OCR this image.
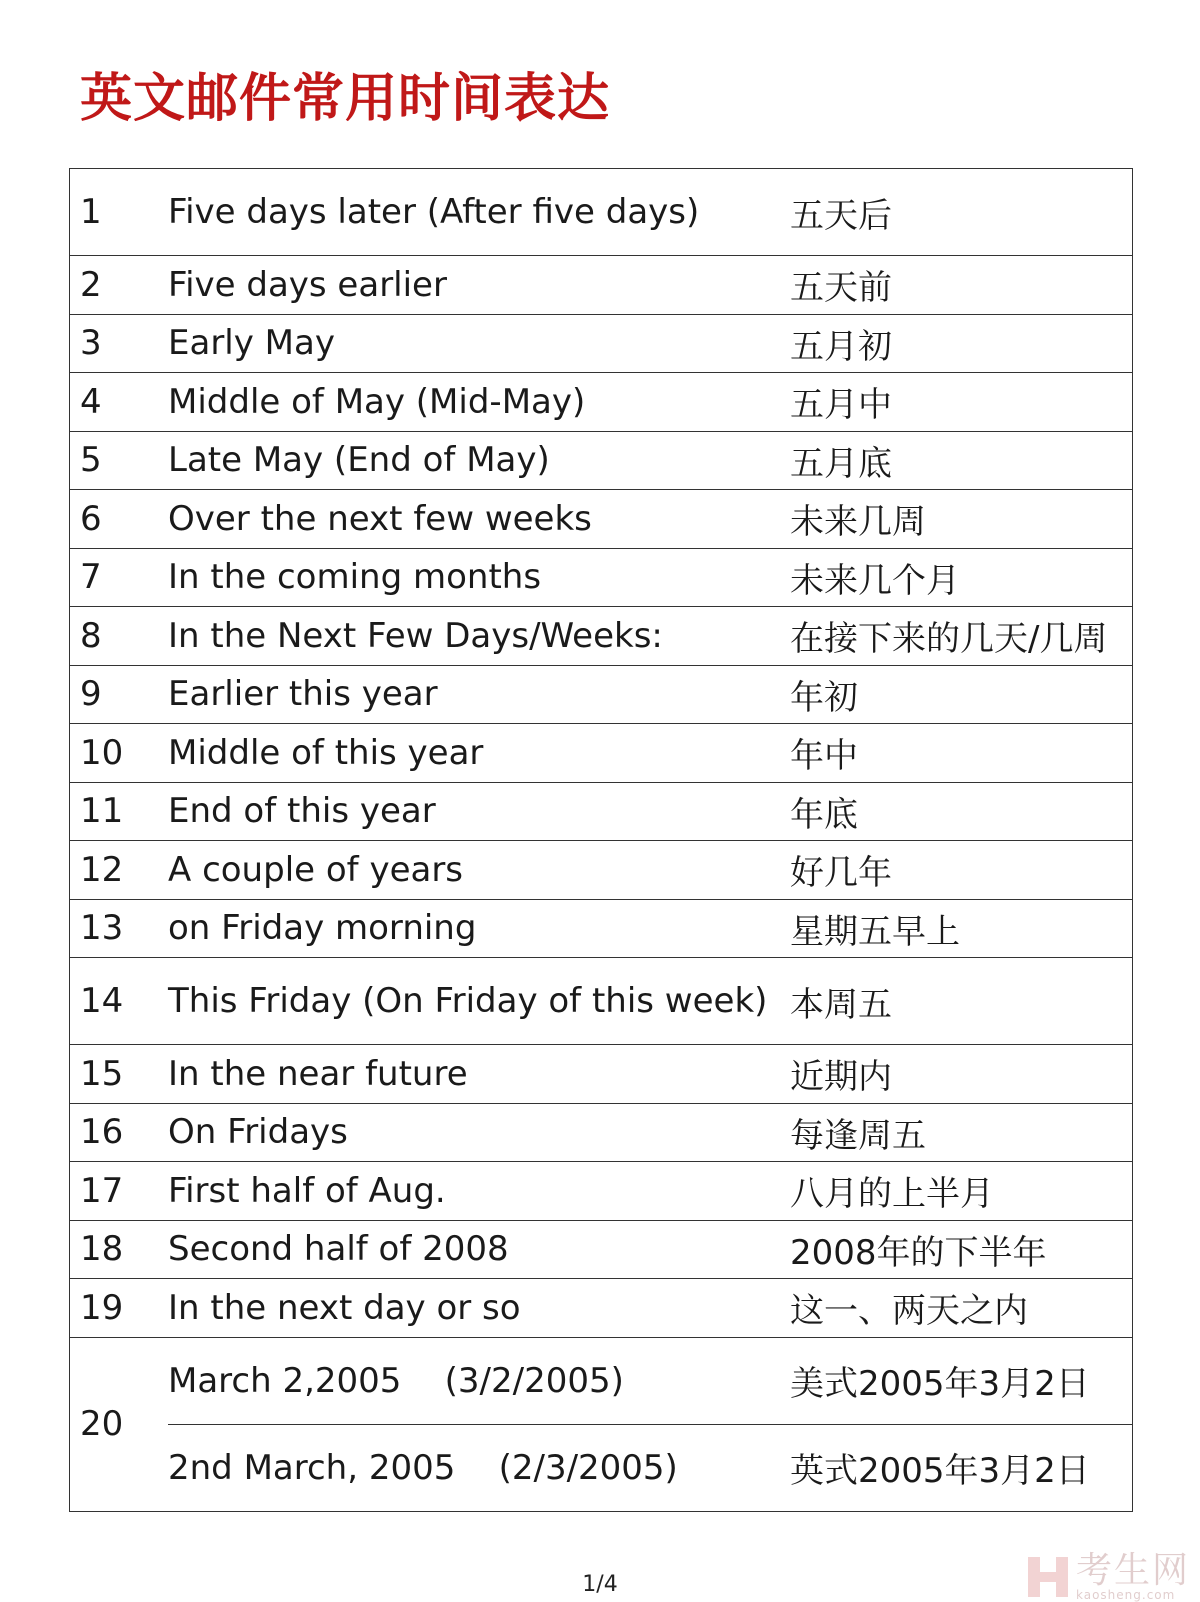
英文邮件常用时间表达
1	Five days later (After five days)	五天后
2	Five days earlier	五天前
3	Early May	五月初
4	Middle of May (Mid-May)	五月中
5	Late May (End of May)	五月底
6	Over the next few weeks	未来几周
7	In the coming months	未来几个月
8	In the Next Few Days/Weeks:	在接下来的几天/几周
9	Earlier this year	年初
10	Middle of this year	年中
11	End of this year	年底
12	A couple of years	好几年
13	on Friday morning	星期五早上
14	This Friday (On Friday of this week)	本周五
15	In the near future	近期内
16	On Fridays	每逢周五
17	First half of Aug.	八月的上半月
18	Second half of 2008	2008年的下半年
19	In the next day or so	这一、两天之内
20	March 2,2005    (3/2/2005)	美式2005年3月2日
	2nd March, 2005    (2/3/2005)	英式2005年3月2日
1/4	考生网
kaosheng.com
